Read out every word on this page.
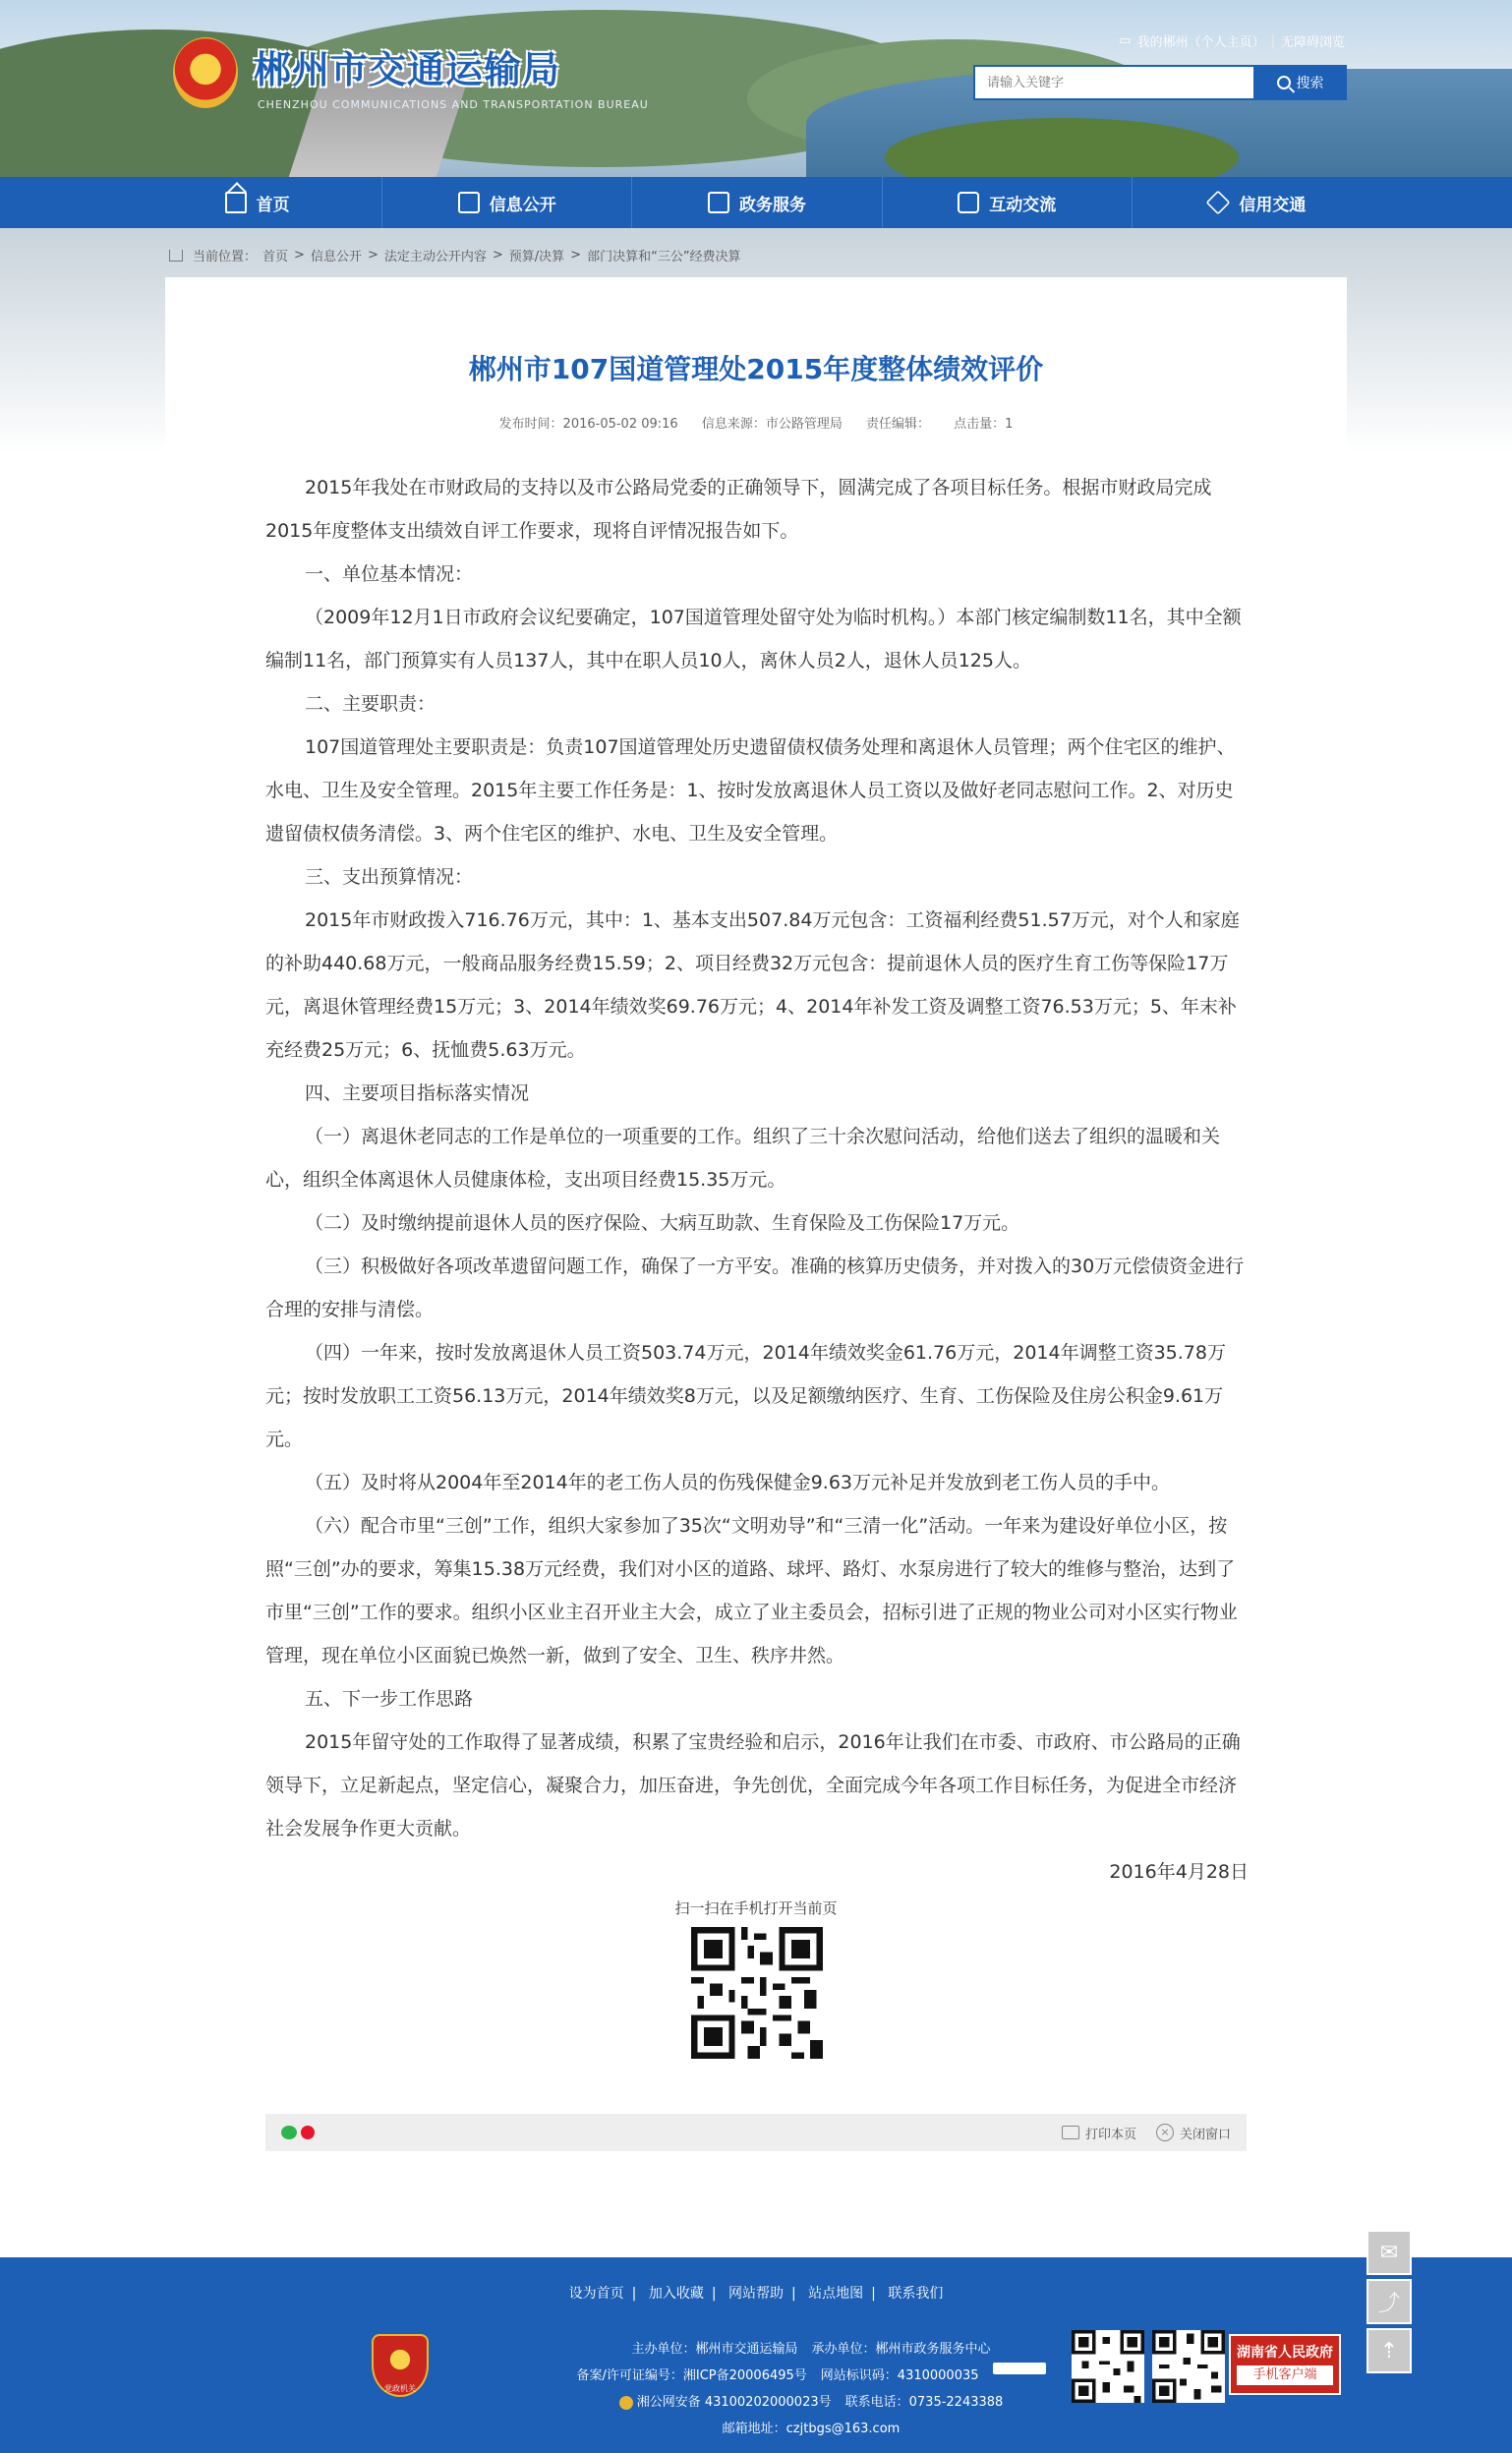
★ 郴州市交通运输局
CHENZHOU COMMUNICATIONS AND TRANSPORTATION BUREAU
▭ 我的郴州（个人主页） | 无障碍浏览
请输入关键字
搜索
首页	信息公开	政务服务	互动交流	信用交通
当前位置： 首页 > 信息公开 > 法定主动公开内容 > 预算/决算 > 部门决算和“三公”经费决算
郴州市107国道管理处2015年度整体绩效评价
发布时间：2016-05-02 09:16 信息来源：市公路管理局 责任编辑： 点击量：1

2015年我处在市财政局的支持以及市公路局党委的正确领导下，圆满完成了各项目标任务。根据市财政局完成2015年度整体支出绩效自评工作要求，现将自评情况报告如下。

一、单位基本情况：

（2009年12月1日市政府会议纪要确定，107国道管理处留守处为临时机构。）本部门核定编制数11名，其中全额编制11名，部门预算实有人员137人，其中在职人员10人，离休人员2人，退休人员125人。

二、主要职责：

107国道管理处主要职责是：负责107国道管理处历史遗留债权债务处理和离退休人员管理；两个住宅区的维护、水电、卫生及安全管理。2015年主要工作任务是：1、按时发放离退休人员工资以及做好老同志慰问工作。2、对历史遗留债权债务清偿。3、两个住宅区的维护、水电、卫生及安全管理。

三、支出预算情况：

2015年市财政拨入716.76万元，其中：1、基本支出507.84万元包含：工资福利经费51.57万元，对个人和家庭的补助440.68万元，一般商品服务经费15.59；2、项目经费32万元包含：提前退休人员的医疗生育工伤等保险17万元，离退休管理经费15万元；3、2014年绩效奖69.76万元；4、2014年补发工资及调整工资76.53万元；5、年末补充经费25万元；6、抚恤费5.63万元。

四、主要项目指标落实情况

（一）离退休老同志的工作是单位的一项重要的工作。组织了三十余次慰问活动，给他们送去了组织的温暖和关心，组织全体离退休人员健康体检，支出项目经费15.35万元。

（二）及时缴纳提前退休人员的医疗保险、大病互助款、生育保险及工伤保险17万元。

（三）积极做好各项改革遗留问题工作，确保了一方平安。准确的核算历史债务，并对拨入的30万元偿债资金进行合理的安排与清偿。

（四）一年来，按时发放离退休人员工资503.74万元，2014年绩效奖金61.76万元，2014年调整工资35.78万元；按时发放职工工资56.13万元，2014年绩效奖8万元，以及足额缴纳医疗、生育、工伤保险及住房公积金9.61万元。

（五）及时将从2004年至2014年的老工伤人员的伤残保健金9.63万元补足并发放到老工伤人员的手中。

（六）配合市里“三创”工作，组织大家参加了35次“文明劝导”和“三清一化”活动。一年来为建设好单位小区，按照“三创”办的要求，筹集15.38万元经费，我们对小区的道路、球坪、路灯、水泵房进行了较大的维修与整治，达到了市里“三创”工作的要求。组织小区业主召开业主大会，成立了业主委员会，招标引进了正规的物业公司对小区实行物业管理，现在单位小区面貌已焕然一新，做到了安全、卫生、秩序井然。

五、下一步工作思路

2015年留守处的工作取得了显著成绩，积累了宝贵经验和启示，2016年让我们在市委、市政府、市公路局的正确领导下，立足新起点，坚定信心，凝聚合力，加压奋进，争先创优，全面完成今年各项工作目标任务，为促进全市经济社会发展争作更大贡献。

2016年4月28日

扫一扫在手机打开当前页
打印本页	× 关闭窗口
设为首页 | 加入收藏 | 网站帮助 | 站点地图 | 联系我们
党政机关
主办单位：郴州市交通运输局 承办单位：郴州市政务服务中心
备案/许可证编号：湘ICP备20006495号 网站标识码：4310000035
湘公网安备 43100202000023号 联系电话：0735-2243388
邮箱地址：czjtbgs@163.com
湖南省人民政府
手机客户端
✉
⤴
⇡
